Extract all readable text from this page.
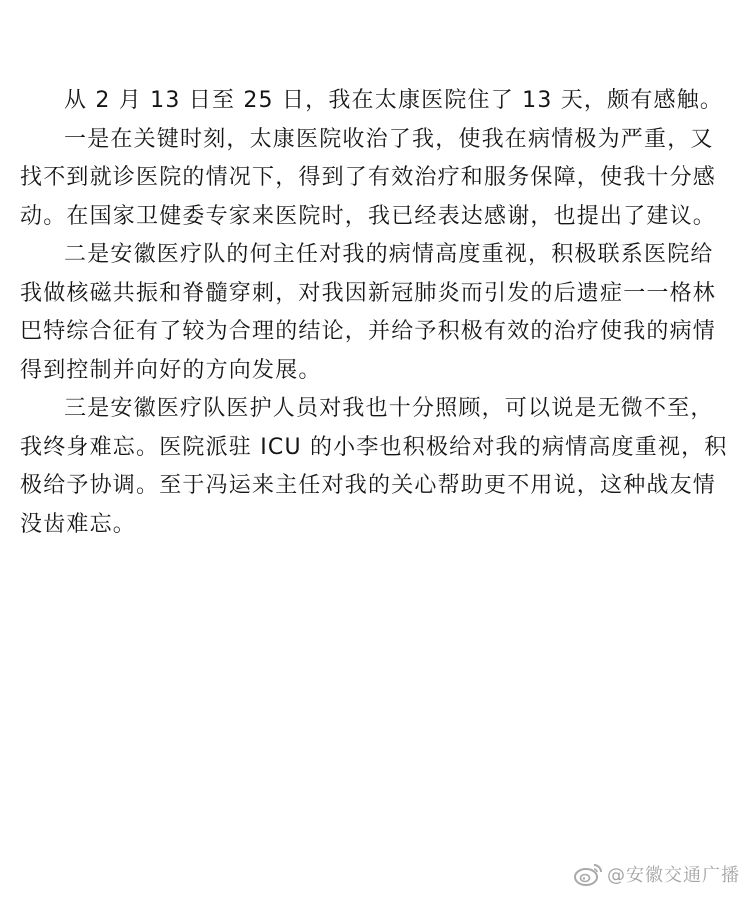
从 2 月 13 日至 25 日，我在太康医院住了 13 天，颇有感触。

一是在关键时刻，太康医院收治了我，使我在病情极为严重，又
找不到就诊医院的情况下，得到了有效治疗和服务保障，使我十分感
动。在国家卫健委专家来医院时，我已经表达感谢，也提出了建议。

二是安徽医疗队的何主任对我的病情高度重视，积极联系医院给
我做核磁共振和脊髓穿刺，对我因新冠肺炎而引发的后遗症一一格林
巴特综合征有了较为合理的结论，并给予积极有效的治疗使我的病情
得到控制并向好的方向发展。

三是安徽医疗队医护人员对我也十分照顾，可以说是无微不至，
我终身难忘。医院派驻 ICU 的小李也积极给对我的病情高度重视，积
极给予协调。至于冯运来主任对我的关心帮助更不用说，这种战友情
没齿难忘。

@安徽交通广播
